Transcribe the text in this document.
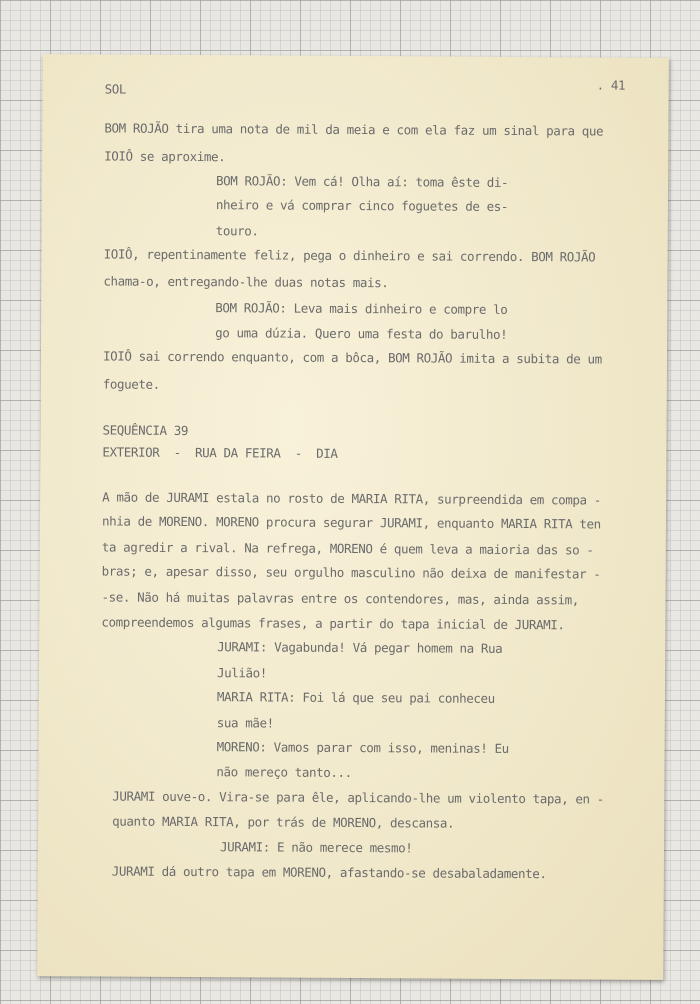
SOL	. 41
BOM ROJÃO tira uma nota de mil da meia e com ela faz um sinal para que
IOIÔ se aproxime.
BOM ROJÃO: Vem cá! Olha aí: toma êste di-
nheiro e vá comprar cinco foguetes de es-
touro.
IOIÔ, repentinamente feliz, pega o dinheiro e sai correndo. BOM ROJÃO
chama-o, entregando-lhe duas notas mais.
BOM ROJÃO: Leva mais dinheiro e compre lo
go uma dúzia. Quero uma festa do barulho!
IOIÔ sai correndo enquanto, com a bôca, BOM ROJÃO imita a subita de um
foguete.
SEQUÊNCIA 39
EXTERIOR  -  RUA DA FEIRA  -  DIA
A mão de JURAMI estala no rosto de MARIA RITA, surpreendida em compa -
nhia de MORENO. MORENO procura segurar JURAMI, enquanto MARIA RITA ten
ta agredir a rival. Na refrega, MORENO é quem leva a maioria das so -
bras; e, apesar disso, seu orgulho masculino não deixa de manifestar -
-se. Não há muitas palavras entre os contendores, mas, ainda assim,
compreendemos algumas frases, a partir do tapa inicial de JURAMI.
JURAMI: Vagabunda! Vá pegar homem na Rua
Julião!
MARIA RITA: Foi lá que seu pai conheceu
sua mãe!
MORENO: Vamos parar com isso, meninas! Eu
não mereço tanto...
JURAMI ouve-o. Vira-se para êle, aplicando-lhe um violento tapa, en -
quanto MARIA RITA, por trás de MORENO, descansa.
JURAMI: E não merece mesmo!
JURAMI dá outro tapa em MORENO, afastando-se desabaladamente.
